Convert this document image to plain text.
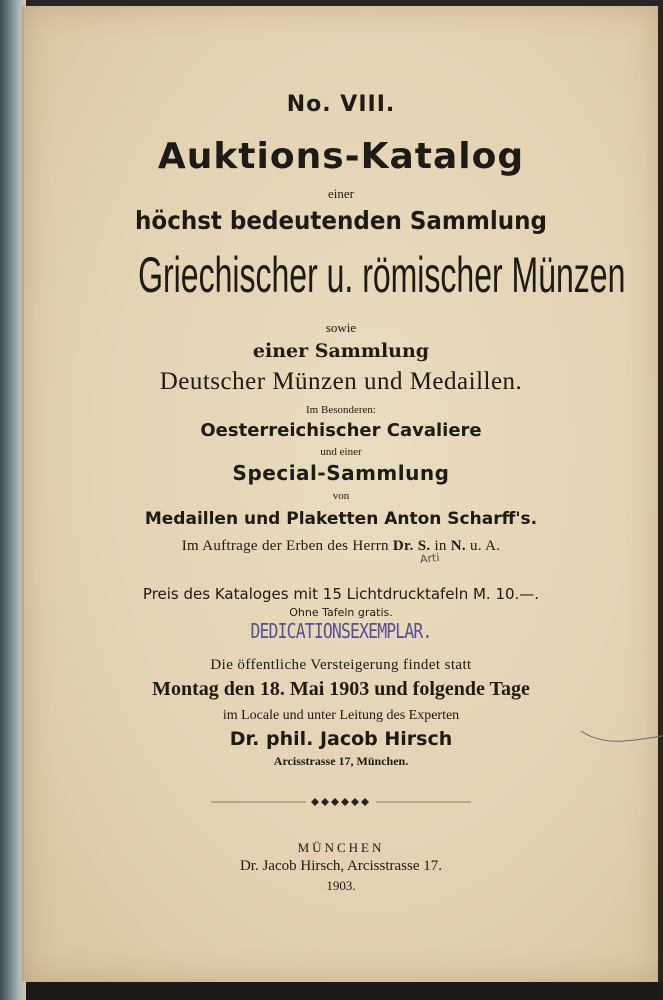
No. VIII.
Auktions-Katalog
einer
höchst bedeutenden Sammlung
Griechischer u. römischer Münzen
sowie
einer Sammlung
Deutscher Münzen und Medaillen.
Im Besonderen:
Oesterreichischer Cavaliere
und einer
Special-Sammlung
von
Medaillen und Plaketten Anton Scharff's.
Im Auftrage der Erben des Herrn Dr. S. in N. u. A.
Arti
Preis des Kataloges mit 15 Lichtdrucktafeln M. 10.—.
Ohne Tafeln gratis.
DEDICATIONSEXEMPLAR.
Die öffentliche Versteigerung findet statt
Montag den 18. Mai 1903 und folgende Tage
im Locale und unter Leitung des Experten
Dr. phil. Jacob Hirsch
Arcisstrasse 17, München.
MÜNCHEN
Dr. Jacob Hirsch, Arcisstrasse 17.
1903.
